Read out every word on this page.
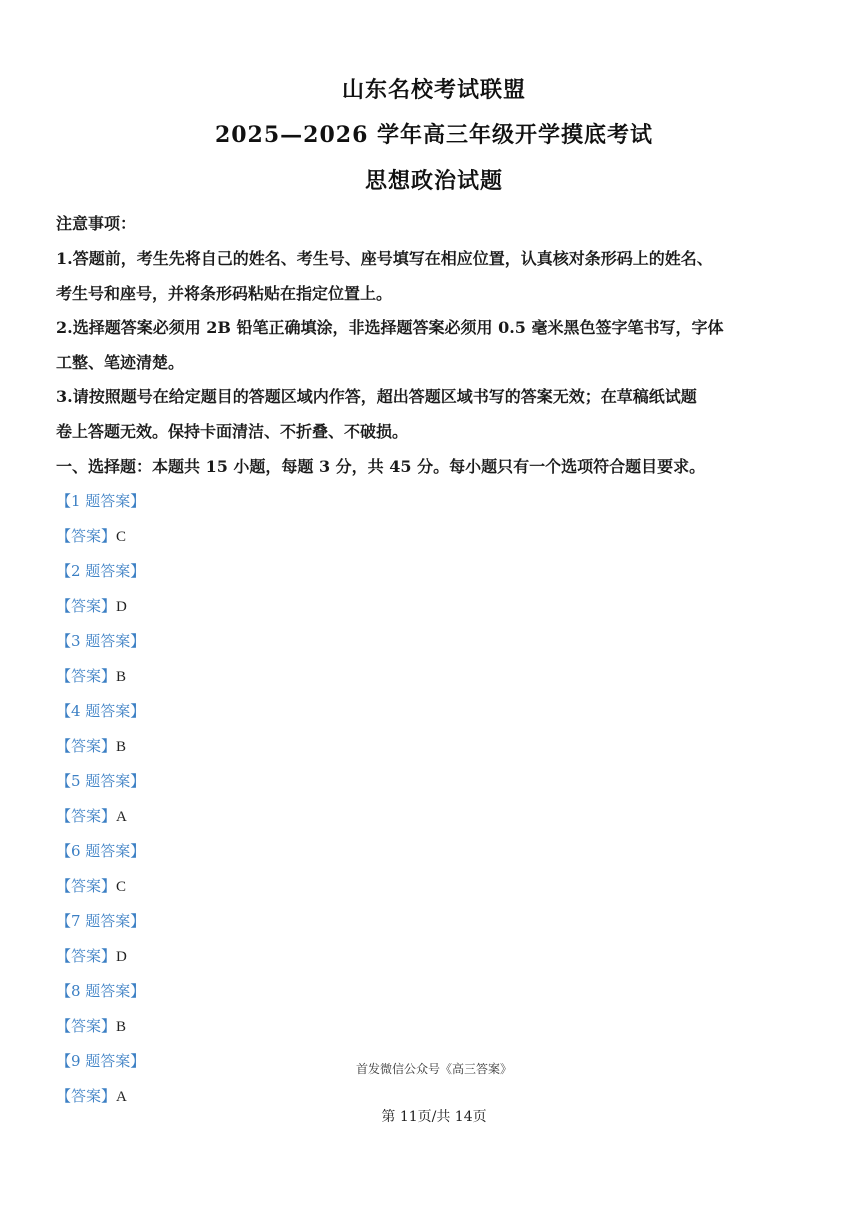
山东名校考试联盟
2025—2026 学年高三年级开学摸底考试
思想政治试题
注意事项：
1.答题前，考生先将自己的姓名、考生号、座号填写在相应位置，认真核对条形码上的姓名、
考生号和座号，并将条形码粘贴在指定位置上。
2.选择题答案必须用 2B 铅笔正确填涂，非选择题答案必须用 0.5 毫米黑色签字笔书写，字体
工整、笔迹清楚。
3.请按照题号在给定题目的答题区域内作答，超出答题区域书写的答案无效；在草稿纸试题
卷上答题无效。保持卡面清洁、不折叠、不破损。
一、选择题：本题共 15 小题，每题 3 分，共 45 分。每小题只有一个选项符合题目要求。
【1 题答案】
【答案】C
【2 题答案】
【答案】D
【3 题答案】
【答案】B
【4 题答案】
【答案】B
【5 题答案】
【答案】A
【6 题答案】
【答案】C
【7 题答案】
【答案】D
【8 题答案】
【答案】B
【9 题答案】
【答案】A
首发微信公众号《高三答案》
第 11页/共 14页
